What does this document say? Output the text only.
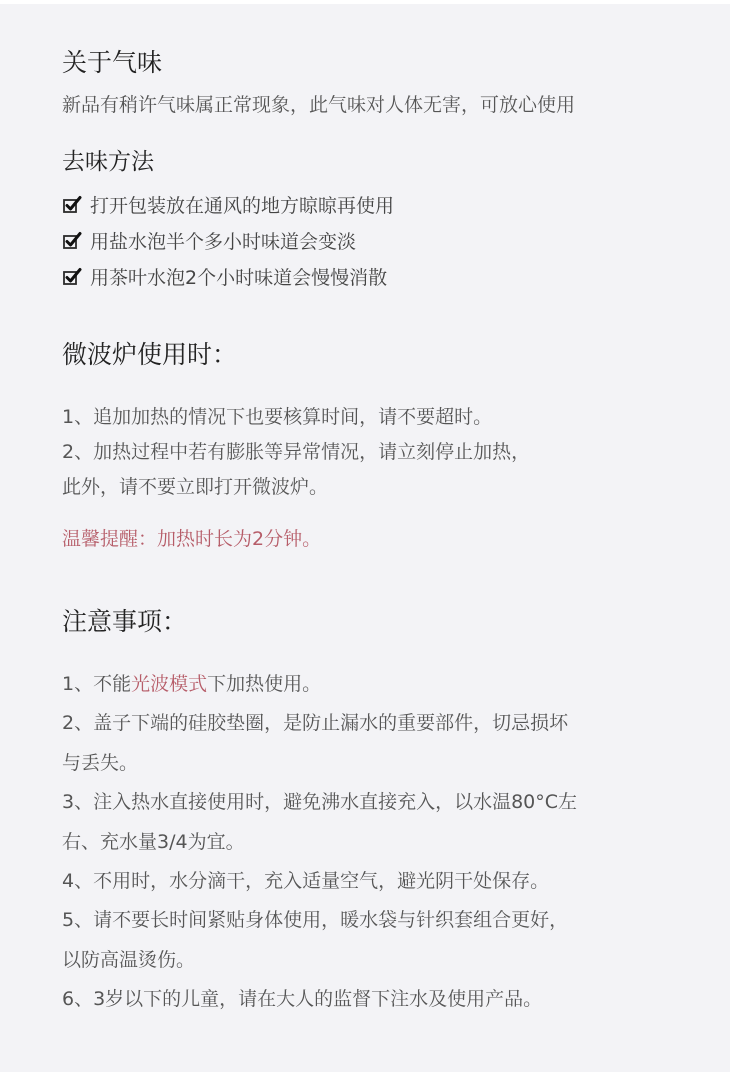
关于气味

新品有稍许气味属正常现象，此气味对人体无害，可放心使用

去味方法
打开包装放在通风的地方晾晾再使用
用盐水泡半个多小时味道会变淡
用茶叶水泡2个小时味道会慢慢消散
微波炉使用时：
1、追加加热的情况下也要核算时间，请不要超时。
2、加热过程中若有膨胀等异常情况，请立刻停止加热，
此外，请不要立即打开微波炉。

温馨提醒：加热时长为2分钟。

注意事项：
1、不能光波模式下加热使用。
2、盖子下端的硅胶垫圈，是防止漏水的重要部件，切忌损坏
与丢失。
3、注入热水直接使用时，避免沸水直接充入，以水温80°C左
右、充水量3/4为宜。
4、不用时，水分滴干，充入适量空气，避光阴干处保存。
5、请不要长时间紧贴身体使用，暖水袋与针织套组合更好，
以防高温烫伤。
6、3岁以下的儿童，请在大人的监督下注水及使用产品。
